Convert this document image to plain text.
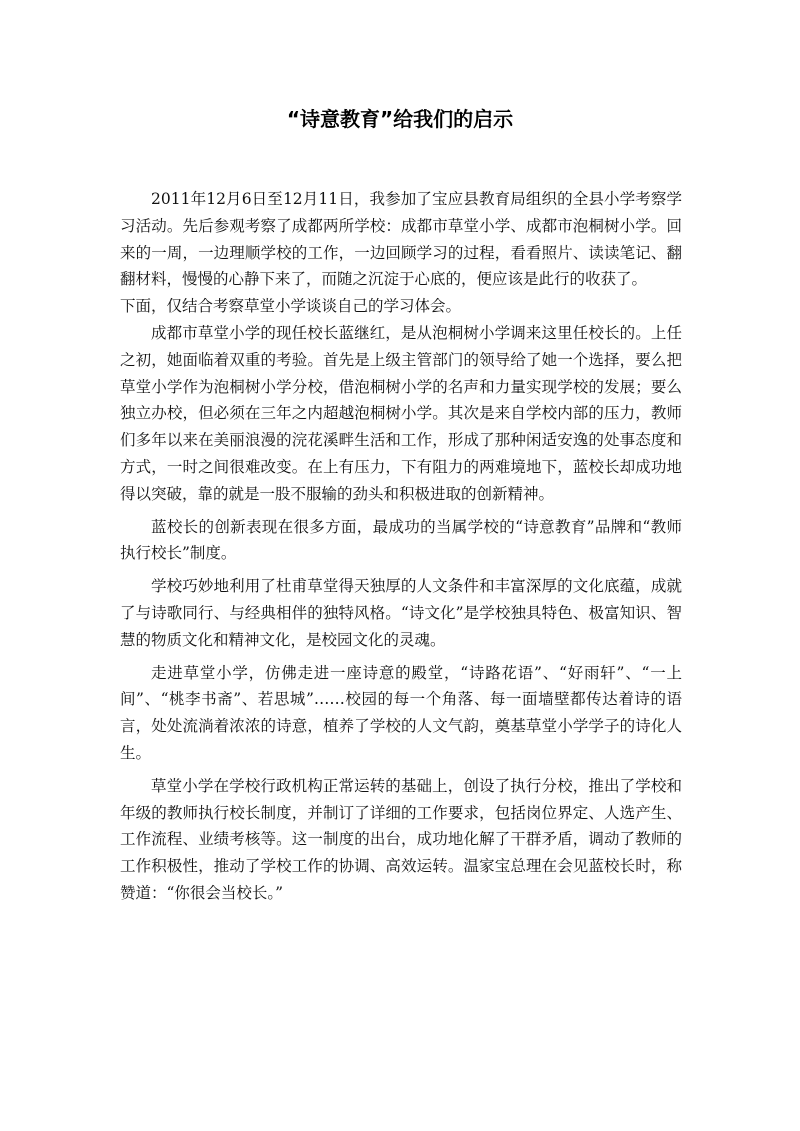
“诗意教育”给我们的启示

2011年12月6日至12月11日，我参加了宝应县教育局组织的全县小学考察学习活动。先后参观考察了成都两所学校：成都市草堂小学、成都市泡桐树小学。回来的一周，一边理顺学校的工作，一边回顾学习的过程，看看照片、读读笔记、翻翻材料，慢慢的心静下来了，而随之沉淀于心底的，便应该是此行的收获了。

下面，仅结合考察草堂小学谈谈自己的学习体会。

成都市草堂小学的现任校长蓝继红，是从泡桐树小学调来这里任校长的。上任之初，她面临着双重的考验。首先是上级主管部门的领导给了她一个选择，要么把草堂小学作为泡桐树小学分校，借泡桐树小学的名声和力量实现学校的发展；要么独立办校，但必须在三年之内超越泡桐树小学。其次是来自学校内部的压力，教师们多年以来在美丽浪漫的浣花溪畔生活和工作，形成了那种闲适安逸的处事态度和方式，一时之间很难改变。在上有压力，下有阻力的两难境地下，蓝校长却成功地得以突破，靠的就是一股不服输的劲头和积极进取的创新精神。

蓝校长的创新表现在很多方面，最成功的当属学校的“诗意教育”品牌和“教师执行校长”制度。

学校巧妙地利用了杜甫草堂得天独厚的人文条件和丰富深厚的文化底蕴，成就了与诗歌同行、与经典相伴的独特风格。“诗文化”是学校独具特色、极富知识、智慧的物质文化和精神文化，是校园文化的灵魂。

走进草堂小学，仿佛走进一座诗意的殿堂，“诗路花语”、“好雨轩”、“一上间”、“桃李书斋”、若思城”……校园的每一个角落、每一面墙壁都传达着诗的语言，处处流淌着浓浓的诗意，植养了学校的人文气韵，奠基草堂小学学子的诗化人生。

草堂小学在学校行政机构正常运转的基础上，创设了执行分校，推出了学校和年级的教师执行校长制度，并制订了详细的工作要求，包括岗位界定、人选产生、工作流程、业绩考核等。这一制度的出台，成功地化解了干群矛盾，调动了教师的工作积极性，推动了学校工作的协调、高效运转。温家宝总理在会见蓝校长时，称赞道：“你很会当校长。”
